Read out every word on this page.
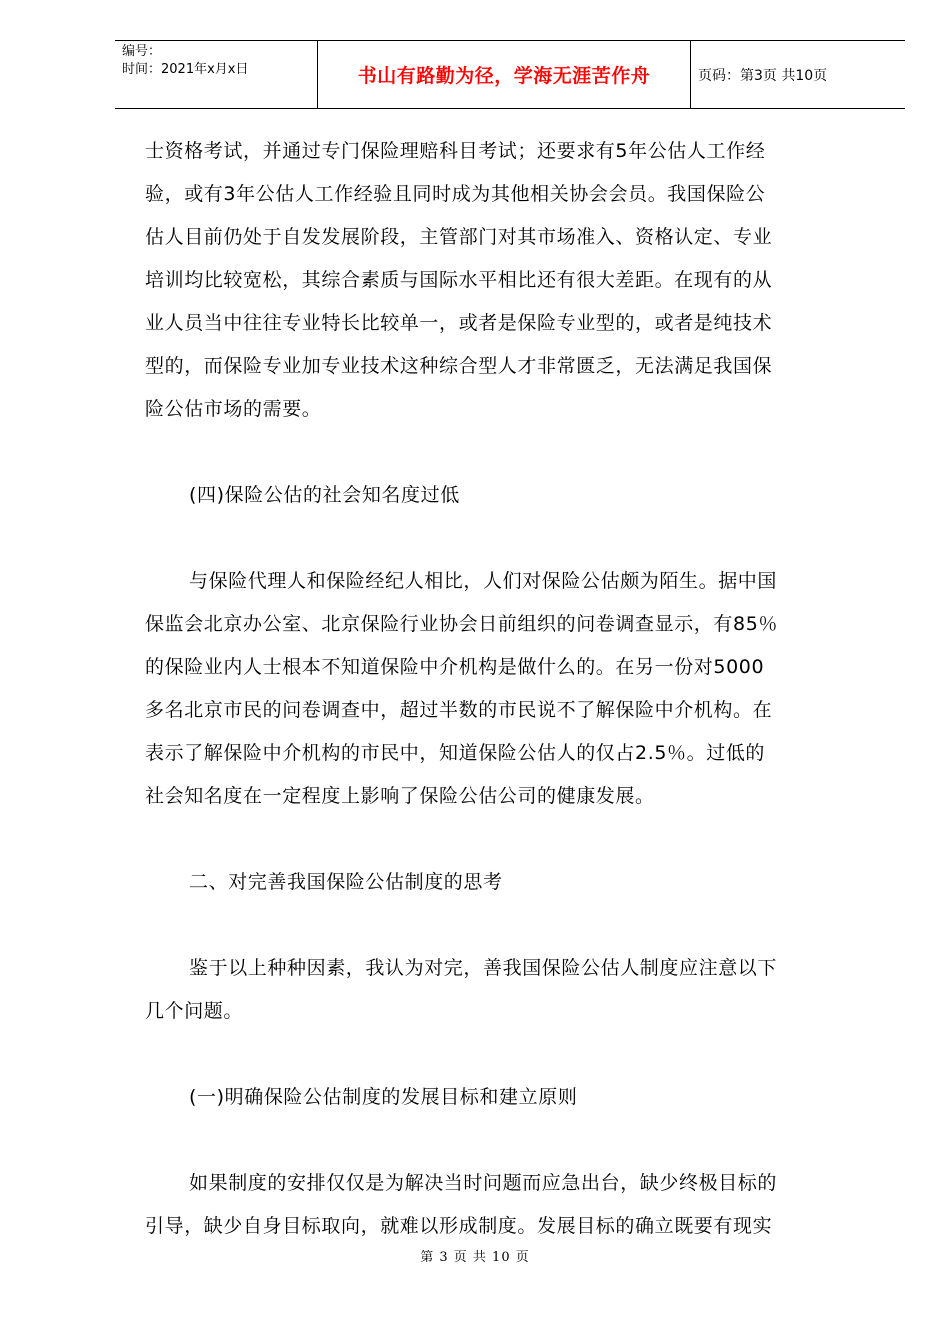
编号：
时间：2021年x月x日	书山有路勤为径，学海无涯苦作舟	页码：第3页 共10页

士资格考试，并通过专门保险理赔科目考试；还要求有5年公估人工作经

验，或有3年公估人工作经验且同时成为其他相关协会会员。我国保险公

估人目前仍处于自发发展阶段，主管部门对其市场准入、资格认定、专业

培训均比较宽松，其综合素质与国际水平相比还有很大差距。在现有的从

业人员当中往往专业特长比较单一，或者是保险专业型的，或者是纯技术

型的，而保险专业加专业技术这种综合型人才非常匮乏，无法满足我国保

险公估市场的需要。

(四)保险公估的社会知名度过低

与保险代理人和保险经纪人相比，人们对保险公估颇为陌生。据中国

保监会北京办公室、北京保险行业协会日前组织的问卷调查显示，有85％

的保险业内人士根本不知道保险中介机构是做什么的。在另一份对5000

多名北京市民的问卷调查中，超过半数的市民说不了解保险中介机构。在

表示了解保险中介机构的市民中，知道保险公估人的仅占2.5％。过低的

社会知名度在一定程度上影响了保险公估公司的健康发展。

二、对完善我国保险公估制度的思考

鉴于以上种种因素，我认为对完，善我国保险公估人制度应注意以下

几个问题。

(一)明确保险公估制度的发展目标和建立原则

如果制度的安排仅仅是为解决当时问题而应急出台，缺少终极目标的

引导，缺少自身目标取向，就难以形成制度。发展目标的确立既要有现实

第 3 页 共 10 页
